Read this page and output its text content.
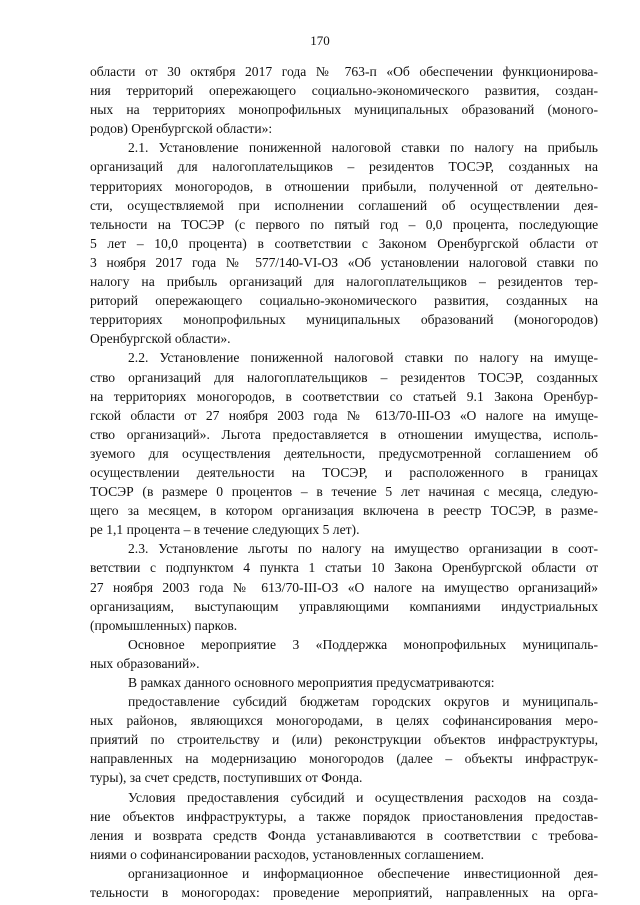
170
области от 30 октября 2017 года № 763-п «Об обеспечении функционирова-
ния территорий опережающего социально-экономического развития, создан-
ных на территориях монопрофильных муниципальных образований (моного-
родов) Оренбургской области»:
2.1. Установление пониженной налоговой ставки по налогу на прибыль
организаций для налогоплательщиков – резидентов ТОСЭР, созданных на
территориях моногородов, в отношении прибыли, полученной от деятельно-
сти, осуществляемой при исполнении соглашений об осуществлении дея-
тельности на ТОСЭР (с первого по пятый год – 0,0 процента, последующие
5 лет – 10,0 процента) в соответствии с Законом Оренбургской области от
3 ноября 2017 года № 577/140-VI-ОЗ «Об установлении налоговой ставки по
налогу на прибыль организаций для налогоплательщиков – резидентов тер-
риторий опережающего социально-экономического развития, созданных на
территориях монопрофильных муниципальных образований (моногородов)
Оренбургской области».
2.2. Установление пониженной налоговой ставки по налогу на имуще-
ство организаций для налогоплательщиков – резидентов ТОСЭР, созданных
на территориях моногородов, в соответствии со статьей 9.1 Закона Оренбур-
гской области от 27 ноября 2003 года № 613/70-III-ОЗ «О налоге на имуще-
ство организаций». Льгота предоставляется в отношении имущества, исполь-
зуемого для осуществления деятельности, предусмотренной соглашением об
осуществлении деятельности на ТОСЭР, и расположенного в границах
ТОСЭР (в размере 0 процентов – в течение 5 лет начиная с месяца, следую-
щего за месяцем, в котором организация включена в реестр ТОСЭР, в разме-
ре 1,1 процента – в течение следующих 5 лет).
2.3. Установление льготы по налогу на имущество организации в соот-
ветствии с подпунктом 4 пункта 1 статьи 10 Закона Оренбургской области от
27 ноября 2003 года № 613/70-III-ОЗ «О налоге на имущество организаций»
организациям, выступающим управляющими компаниями индустриальных
(промышленных) парков.
Основное мероприятие 3 «Поддержка монопрофильных муниципаль-
ных образований».
В рамках данного основного мероприятия предусматриваются:
предоставление субсидий бюджетам городских округов и муниципаль-
ных районов, являющихся моногородами, в целях софинансирования меро-
приятий по строительству и (или) реконструкции объектов инфраструктуры,
направленных на модернизацию моногородов (далее – объекты инфраструк-
туры), за счет средств, поступивших от Фонда.
Условия предоставления субсидий и осуществления расходов на созда-
ние объектов инфраструктуры, а также порядок приостановления предостав-
ления и возврата средств Фонда устанавливаются в соответствии с требова-
ниями о софинансировании расходов, установленных соглашением.
организационное и информационное обеспечение инвестиционной дея-
тельности в моногородах: проведение мероприятий, направленных на орга-
